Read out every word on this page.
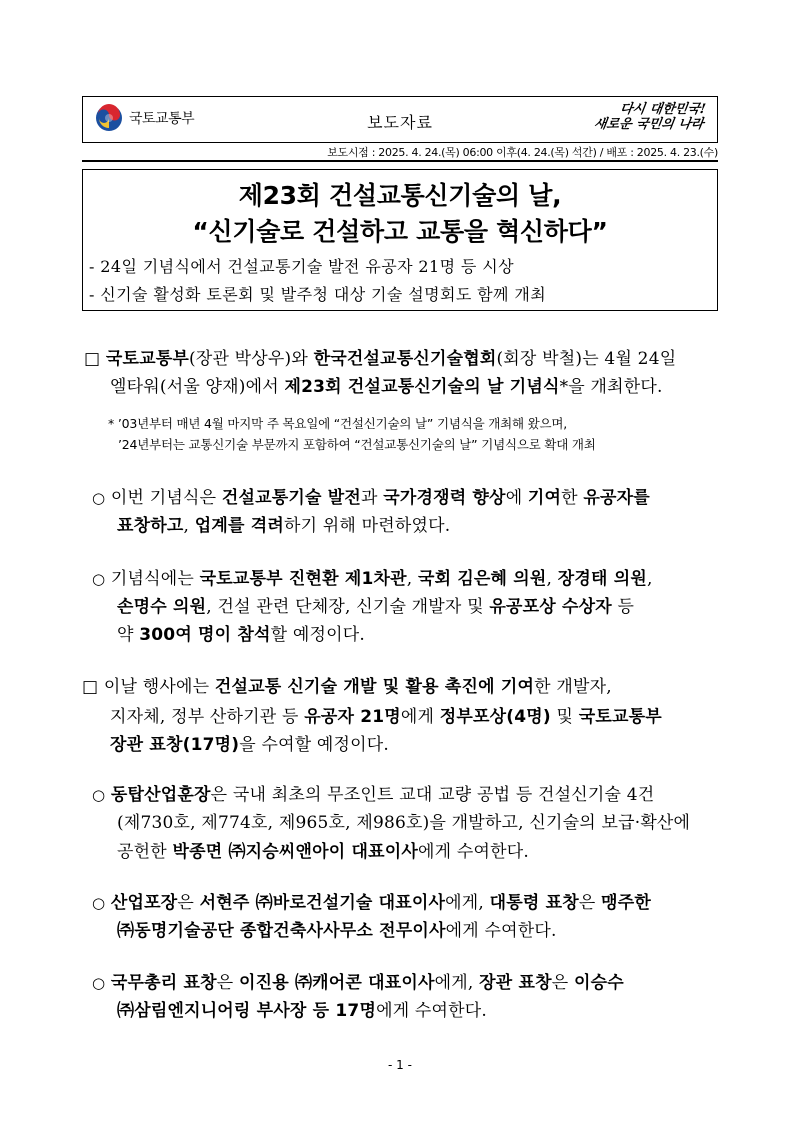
국토교통부	보도자료
다시 대한민국!
새로운 국민의 나라
보도시점 : 2025. 4. 24.(목) 06:00 이후(4. 24.(목) 석간) / 배포 : 2025. 4. 23.(수)
제23회 건설교통신기술의 날,
“신기술로 건설하고 교통을 혁신하다”
- 24일 기념식에서 건설교통기술 발전 유공자 21명 등 시상
- 신기술 활성화 토론회 및 발주청 대상 기술 설명회도 함께 개최
□ 국토교통부(장관 박상우)와 한국건설교통신기술협회(회장 박철)는 4월 24일
엘타워(서울 양재)에서 제23회 건설교통신기술의 날 기념식*을 개최한다.
* ’03년부터 매년 4월 마지막 주 목요일에 “건설신기술의 날” 기념식을 개최해 왔으며,
’24년부터는 교통신기술 부문까지 포함하여 “건설교통신기술의 날” 기념식으로 확대 개최
○ 이번 기념식은 건설교통기술 발전과 국가경쟁력 향상에 기여한 유공자를
표창하고, 업계를 격려하기 위해 마련하였다.
○ 기념식에는 국토교통부 진현환 제1차관, 국회 김은혜 의원, 장경태 의원,
손명수 의원, 건설 관련 단체장, 신기술 개발자 및 유공포상 수상자 등
약 300여 명이 참석할 예정이다.
□ 이날 행사에는 건설교통 신기술 개발 및 활용 촉진에 기여한 개발자,
지자체, 정부 산하기관 등 유공자 21명에게 정부포상(4명) 및 국토교통부
장관 표창(17명)을 수여할 예정이다.
○ 동탑산업훈장은 국내 최초의 무조인트 교대 교량 공법 등 건설신기술 4건
(제730호, 제774호, 제965호, 제986호)을 개발하고, 신기술의 보급·확산에
공헌한 박종면 ㈜지승씨앤아이 대표이사에게 수여한다.
○ 산업포장은 서현주 ㈜바로건설기술 대표이사에게, 대통령 표창은 맹주한
㈜동명기술공단 종합건축사사무소 전무이사에게 수여한다.
○ 국무총리 표창은 이진용 ㈜캐어콘 대표이사에게, 장관 표창은 이승수
㈜삼림엔지니어링 부사장 등 17명에게 수여한다.
- 1 -
